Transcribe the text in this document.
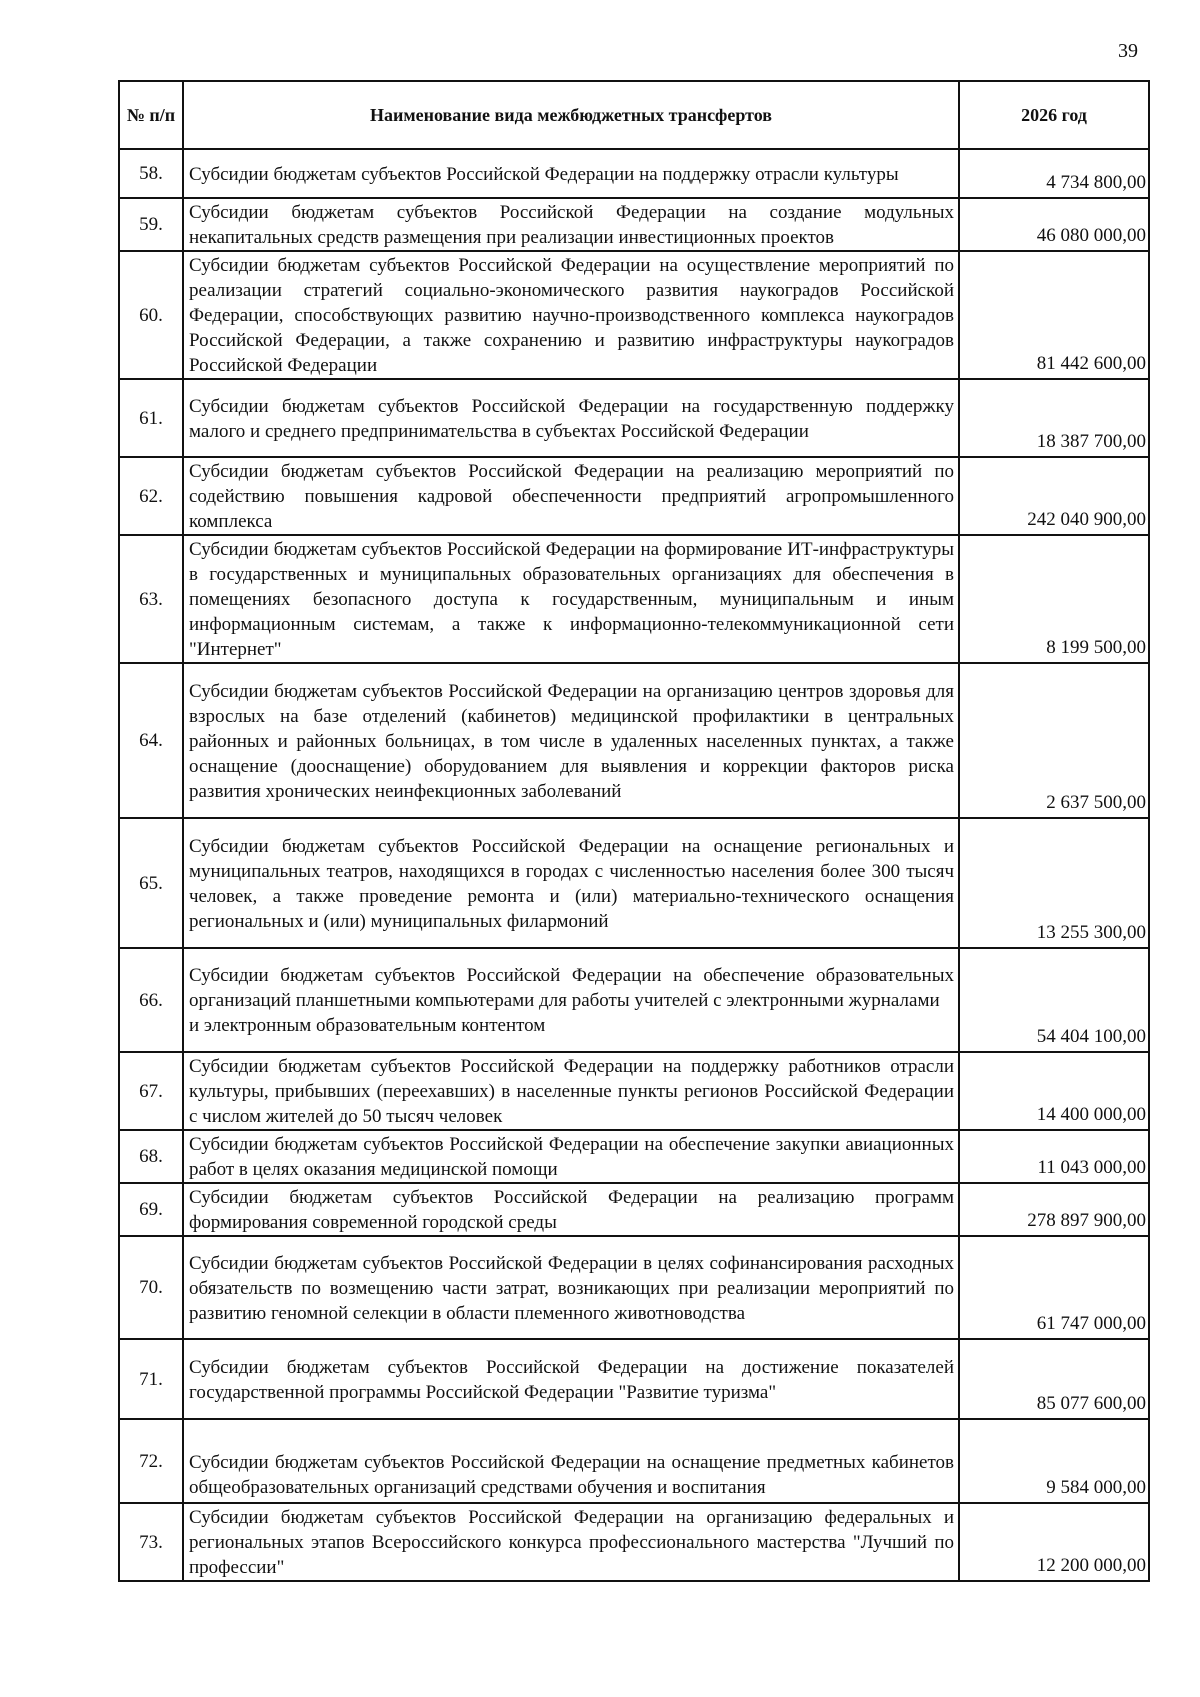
39
№ п/п	Наименование вида межбюджетных трансфертов	2026 год
58.	Субсидии бюджетам субъектов Российской Федерации на поддержку отрасли культуры	4 734 800,00
59.	Субсидии бюджетам субъектов Российской Федерации на создание модульных некапитальных средств размещения при реализации инвестиционных проектов	46 080 000,00
60.	Субсидии бюджетам субъектов Российской Федерации на осуществление мероприятий по реализации стратегий социально-экономического развития наукоградов Российской Федерации, способствующих развитию научно-производственного комплекса наукоградов Российской Федерации, а также сохранению и развитию инфраструктуры наукоградов Российской Федерации	81 442 600,00
61.	Субсидии бюджетам субъектов Российской Федерации на государственную поддержку малого и среднего предпринимательства в субъектах Российской Федерации	18 387 700,00
62.	Субсидии бюджетам субъектов Российской Федерации на реализацию мероприятий по содействию повышения кадровой обеспеченности предприятий агропромышленного комплекса	242 040 900,00
63.	Субсидии бюджетам субъектов Российской Федерации на формирование ИТ-инфраструктуры в государственных и муниципальных образовательных организациях для обеспечения в помещениях безопасного доступа к государственным, муниципальным и иным информационным системам, а также к информационно-телекоммуникационной сети "Интернет"	8 199 500,00
64.	Субсидии бюджетам субъектов Российской Федерации на организацию центров здоровья для взрослых на базе отделений (кабинетов) медицинской профилактики в центральных районных и районных больницах, в том числе в удаленных населенных пунктах, а также оснащение (дооснащение) оборудованием для выявления и коррекции факторов риска развития хронических неинфекционных заболеваний	2 637 500,00
65.	Субсидии бюджетам субъектов Российской Федерации на оснащение региональных и муниципальных театров, находящихся в городах с численностью населения более 300 тысяч человек, а также проведение ремонта и (или) материально-технического оснащения региональных и (или) муниципальных филармоний	13 255 300,00
66.	Субсидии бюджетам субъектов Российской Федерации на обеспечение образовательных организаций планшетными компьютерами для работы учителей с электронными журналами
и электронным образовательным контентом	54 404 100,00
67.	Субсидии бюджетам субъектов Российской Федерации на поддержку работников отрасли культуры, прибывших (переехавших) в населенные пункты регионов Российской Федерации с числом жителей до 50 тысяч человек	14 400 000,00
68.	Субсидии бюджетам субъектов Российской Федерации на обеспечение закупки авиационных работ в целях оказания медицинской помощи	11 043 000,00
69.	Субсидии бюджетам субъектов Российской Федерации на реализацию программ формирования современной городской среды	278 897 900,00
70.	Субсидии бюджетам субъектов Российской Федерации в целях софинансирования расходных обязательств по возмещению части затрат, возникающих при реализации мероприятий по развитию геномной селекции в области племенного животноводства	61 747 000,00
71.	Субсидии бюджетам субъектов Российской Федерации на достижение показателей государственной программы Российской Федерации "Развитие туризма"	85 077 600,00
72.	Субсидии бюджетам субъектов Российской Федерации на оснащение предметных кабинетов общеобразовательных организаций средствами обучения и воспитания	9 584 000,00
73.	Субсидии бюджетам субъектов Российской Федерации на организацию федеральных и региональных этапов Всероссийского конкурса профессионального мастерства "Лучший по профессии"	12 200 000,00
